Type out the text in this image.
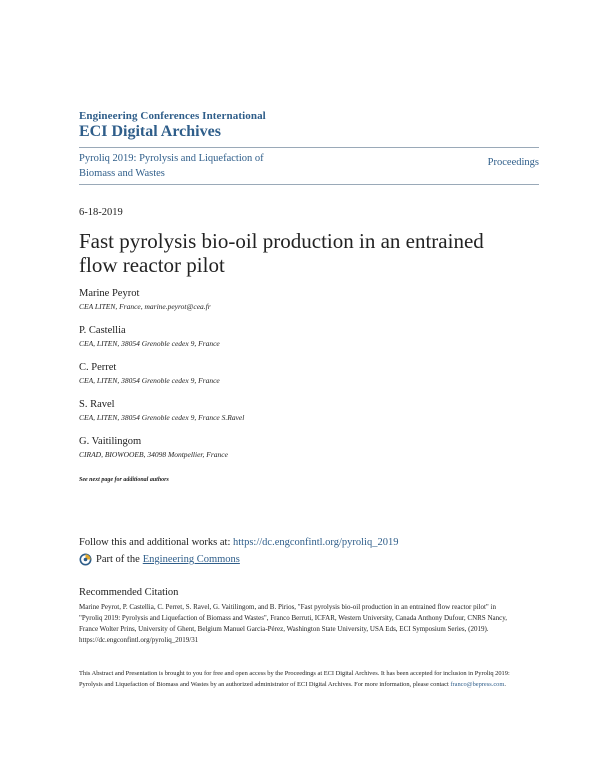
Engineering Conferences International
ECI Digital Archives
Pyroliq 2019: Pyrolysis and Liquefaction of Biomass and Wastes
Proceedings
6-18-2019
Fast pyrolysis bio-oil production in an entrained flow reactor pilot
Marine Peyrot
CEA LITEN, France, marine.peyrot@cea.fr
P. Castellia
CEA, LITEN, 38054 Grenoble cedex 9, France
C. Perret
CEA, LITEN, 38054 Grenoble cedex 9, France
S. Ravel
CEA, LITEN, 38054 Grenoble cedex 9, France S.Ravel
G. Vaitilingom
CIRAD, BIOWOOEB, 34098 Montpellier, France
See next page for additional authors
Follow this and additional works at: https://dc.engconfintl.org/pyroliq_2019
Part of the Engineering Commons
Recommended Citation
Marine Peyrot, P. Castellia, C. Perret, S. Ravel, G. Vaitilingom, and B. Pirios, "Fast pyrolysis bio-oil production in an entrained flow reactor pilot" in "Pyroliq 2019: Pyrolysis and Liquefaction of Biomass and Wastes", Franco Berruti, ICFAR, Western University, Canada Anthony Dufour, CNRS Nancy, France Wolter Prins, University of Ghent, Belgium Manuel Garcia-Pérez, Washington State University, USA Eds, ECI Symposium Series, (2019). https://dc.engconfintl.org/pyroliq_2019/31
This Abstract and Presentation is brought to you for free and open access by the Proceedings at ECI Digital Archives. It has been accepted for inclusion in Pyroliq 2019: Pyrolysis and Liquefaction of Biomass and Wastes by an authorized administrator of ECI Digital Archives. For more information, please contact franco@bepress.com.
